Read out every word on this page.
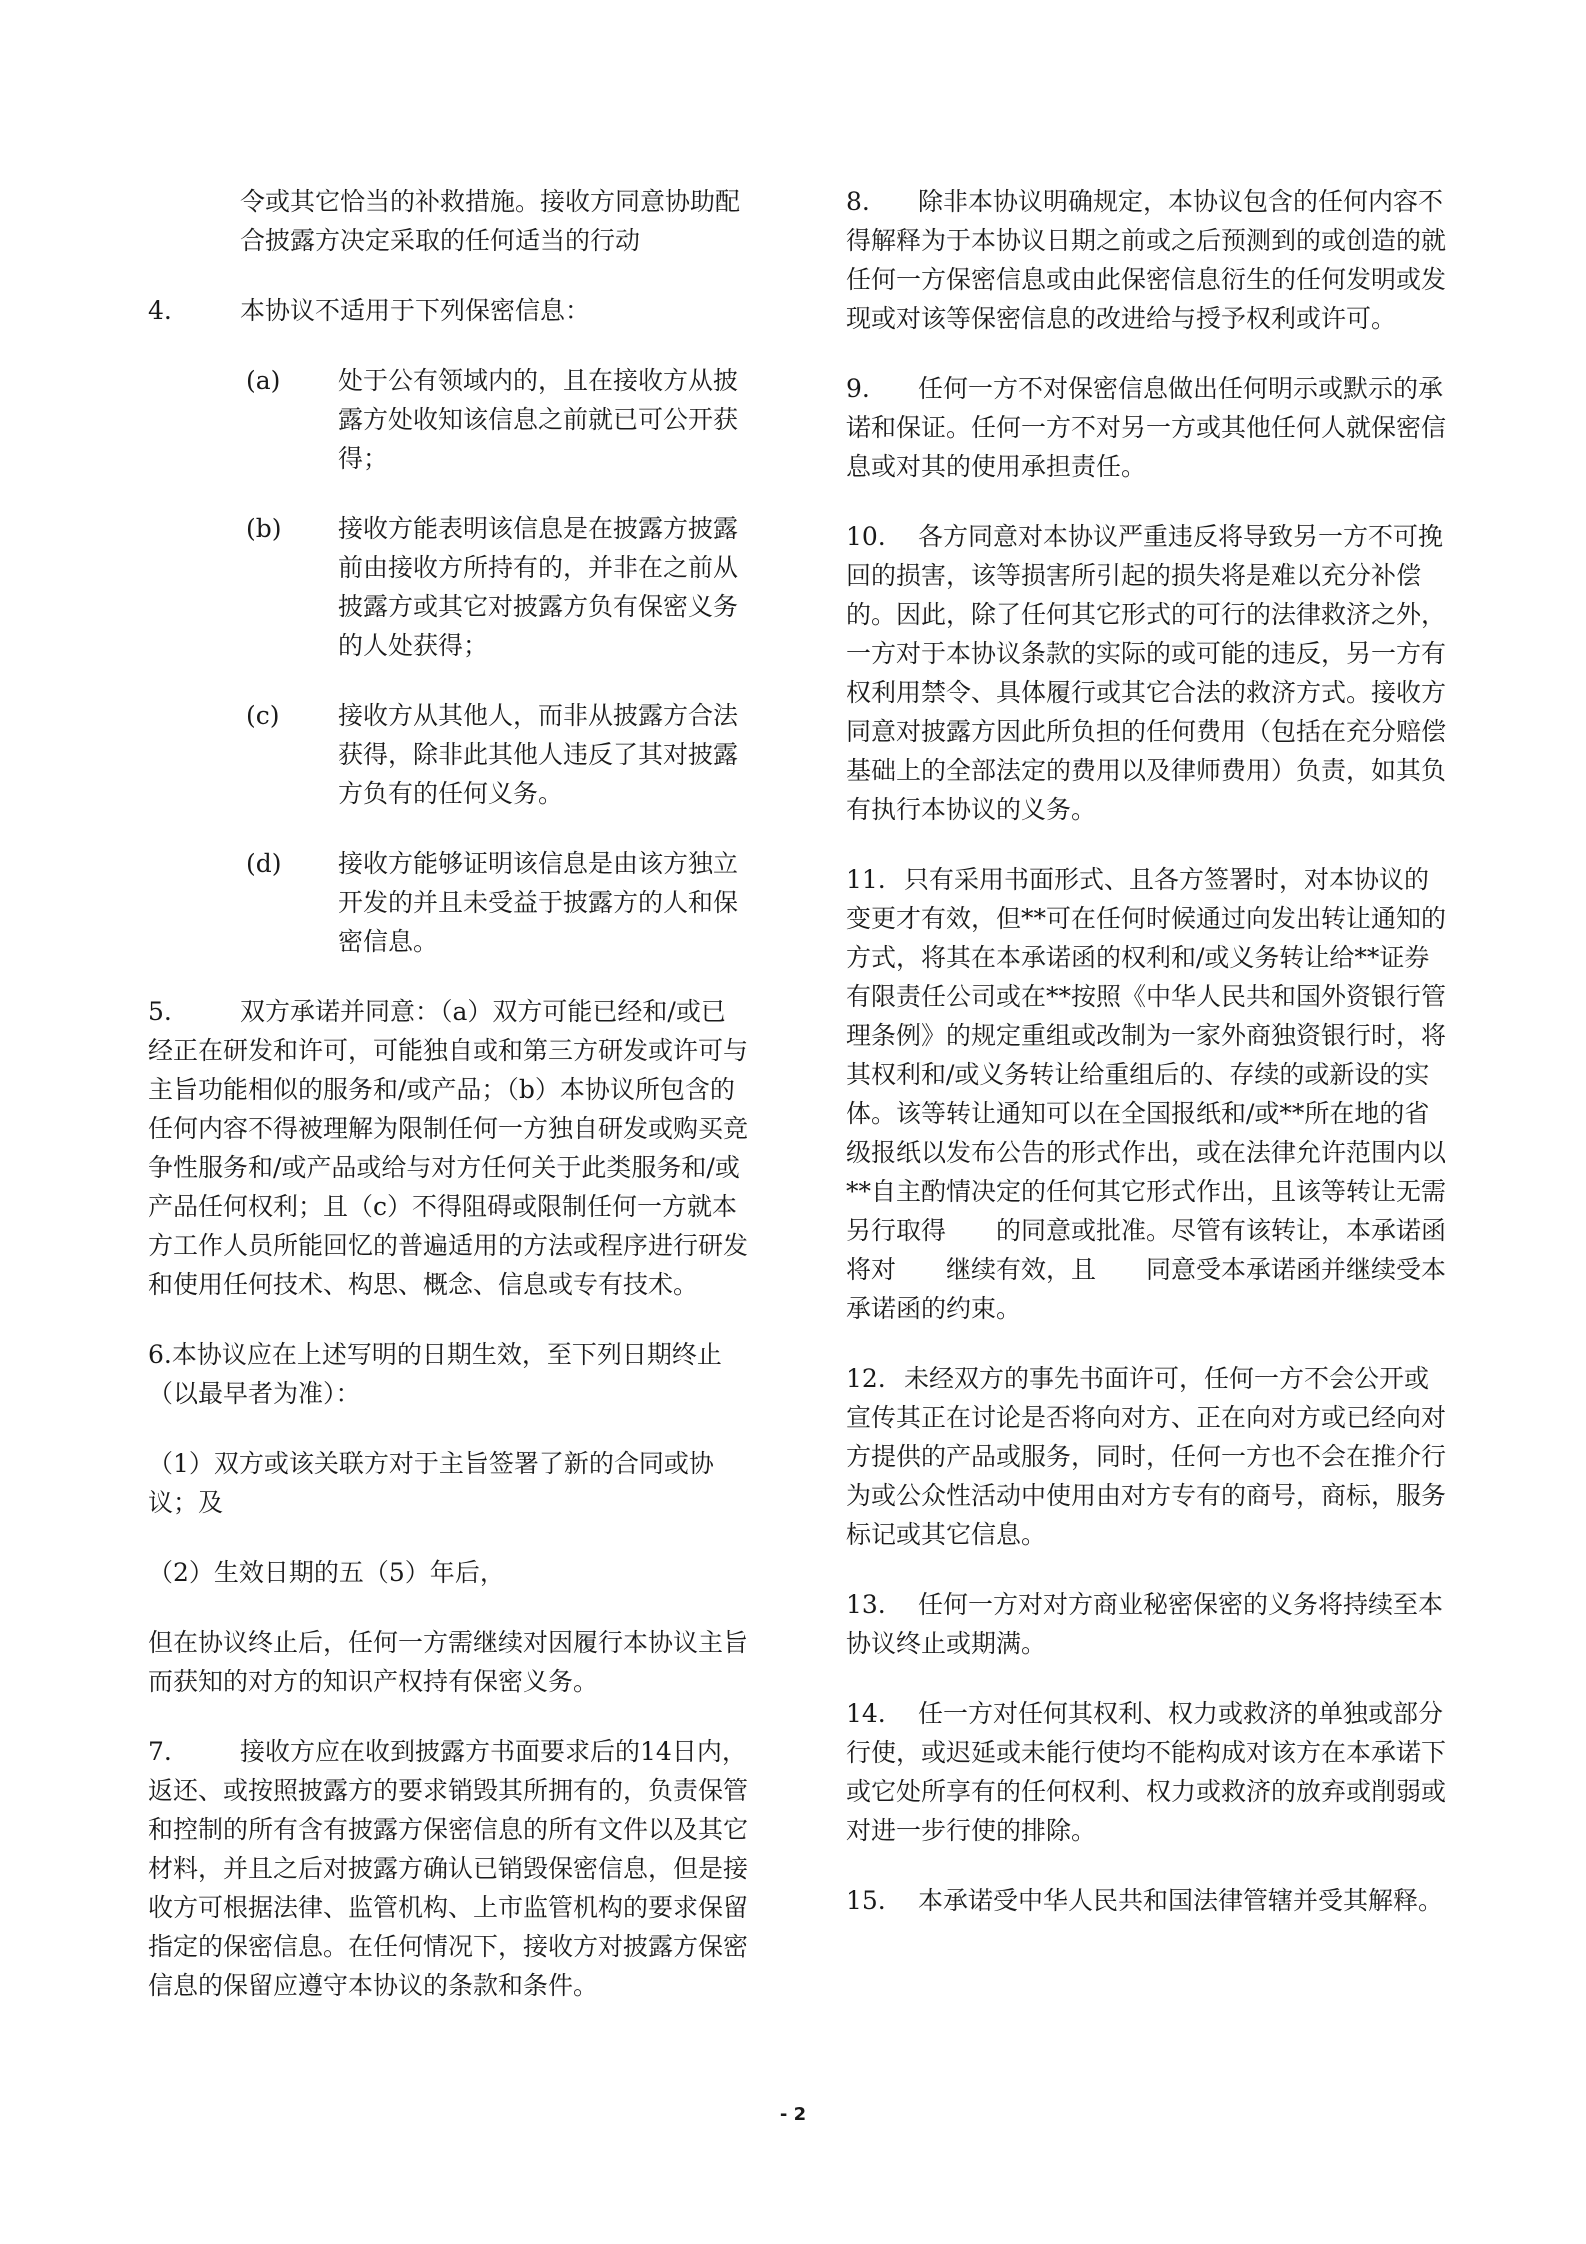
令或其它恰当的补救措施。接收方同意协助配合披露方决定采取的任何适当的行动
4.	本协议不适用于下列保密信息：
(a)	处于公有领域内的，且在接收方从披露方处收知该信息之前就已可公开获得；
(b)	接收方能表明该信息是在披露方披露前由接收方所持有的，并非在之前从披露方或其它对披露方负有保密义务的人处获得；
(c)	接收方从其他人，而非从披露方合法获得，除非此其他人违反了其对披露方负有的任何义务。
(d)	接收方能够证明该信息是由该方独立开发的并且未受益于披露方的人和保密信息。
5.	双方承诺并同意：（a）双方可能已经和/或已经正在研发和许可，可能独自或和第三方研发或许可与主旨功能相似的服务和/或产品；（b）本协议所包含的任何内容不得被理解为限制任何一方独自研发或购买竞争性服务和/或产品或给与对方任何关于此类服务和/或产品任何权利；且（c）不得阻碍或限制任何一方就本方工作人员所能回忆的普遍适用的方法或程序进行研发和使用任何技术、构思、概念、信息或专有技术。
6.本协议应在上述写明的日期生效，至下列日期终止（以最早者为准）：
（1）双方或该关联方对于主旨签署了新的合同或协议；及
（2）生效日期的五（5）年后，
但在协议终止后，任何一方需继续对因履行本协议主旨而获知的对方的知识产权持有保密义务。
7.	接收方应在收到披露方书面要求后的14日内，返还、或按照披露方的要求销毁其所拥有的，负责保管和控制的所有含有披露方保密信息的所有文件以及其它材料，并且之后对披露方确认已销毁保密信息，但是接收方可根据法律、监管机构、上市监管机构的要求保留指定的保密信息。在任何情况下，接收方对披露方保密信息的保留应遵守本协议的条款和条件。
8. 除非本协议明确规定，本协议包含的任何内容不得解释为于本协议日期之前或之后预测到的或创造的就任何一方保密信息或由此保密信息衍生的任何发明或发现或对该等保密信息的改进给与授予权利或许可。
9. 任何一方不对保密信息做出任何明示或默示的承诺和保证。任何一方不对另一方或其他任何人就保密信息或对其的使用承担责任。
10. 各方同意对本协议严重违反将导致另一方不可挽回的损害，该等损害所引起的损失将是难以充分补偿的。因此，除了任何其它形式的可行的法律救济之外，一方对于本协议条款的实际的或可能的违反，另一方有权利用禁令、具体履行或其它合法的救济方式。接收方同意对披露方因此所负担的任何费用（包括在充分赔偿基础上的全部法定的费用以及律师费用）负责，如其负有执行本协议的义务。
11. 只有采用书面形式、且各方签署时，对本协议的变更才有效，但**可在任何时候通过向发出转让通知的方式，将其在本承诺函的权利和/或义务转让给**证券有限责任公司或在**按照《中华人民共和国外资银行管理条例》的规定重组或改制为一家外商独资银行时，将其权利和/或义务转让给重组后的、存续的或新设的实体。该等转让通知可以在全国报纸和/或**所在地的省级报纸以发布公告的形式作出，或在法律允许范围内以**自主酌情决定的任何其它形式作出，且该等转让无需另行取得　　的同意或批准。尽管有该转让，本承诺函将对　　继续有效，且　　同意受本承诺函并继续受本承诺函的约束。
12. 未经双方的事先书面许可，任何一方不会公开或宣传其正在讨论是否将向对方、正在向对方或已经向对方提供的产品或服务，同时，任何一方也不会在推介行为或公众性活动中使用由对方专有的商号，商标，服务标记或其它信息。
13. 任何一方对对方商业秘密保密的义务将持续至本协议终止或期满。
14. 任一方对任何其权利、权力或救济的单独或部分行使，或迟延或未能行使均不能构成对该方在本承诺下或它处所享有的任何权利、权力或救济的放弃或削弱或对进一步行使的排除。
15. 本承诺受中华人民共和国法律管辖并受其解释。
- 2
